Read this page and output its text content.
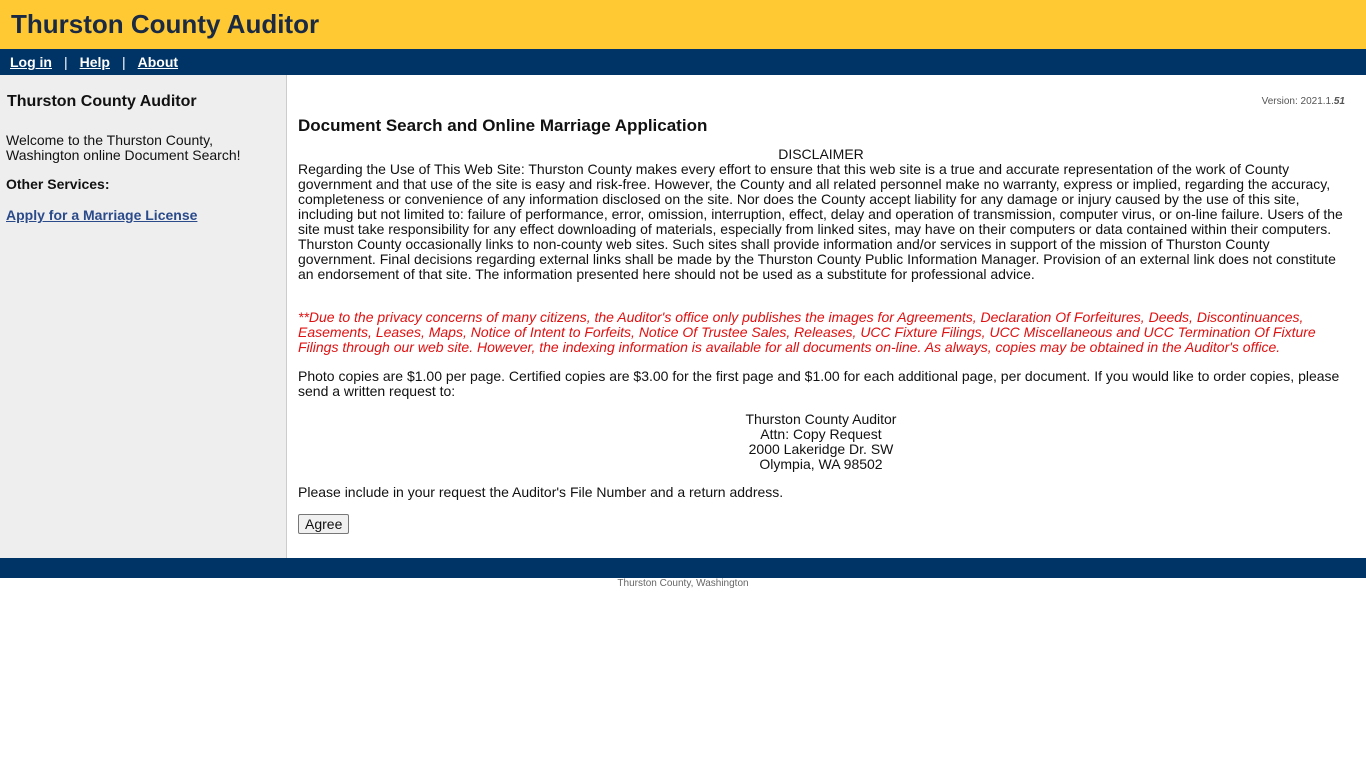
Thurston County Auditor
Log in | Help | About
Thurston County Auditor
Welcome to the Thurston County, Washington online Document Search!
Other Services:
Apply for a Marriage License
Version: 2021.1.51
Document Search and Online Marriage Application
DISCLAIMER

Regarding the Use of This Web Site: Thurston County makes every effort to ensure that this web site is a true and accurate representation of the work of County government and that use of the site is easy and risk-free. However, the County and all related personnel make no warranty, express or implied, regarding the accuracy, completeness or convenience of any information disclosed on the site. Nor does the County accept liability for any damage or injury caused by the use of this site, including but not limited to: failure of performance, error, omission, interruption, effect, delay and operation of transmission, computer virus, or on-line failure. Users of the site must take responsibility for any effect downloading of materials, especially from linked sites, may have on their computers or data contained within their computers. Thurston County occasionally links to non-county web sites. Such sites shall provide information and/or services in support of the mission of Thurston County government. Final decisions regarding external links shall be made by the Thurston County Public Information Manager. Provision of an external link does not constitute an endorsement of that site. The information presented here should not be used as a substitute for professional advice.

**Due to the privacy concerns of many citizens, the Auditor's office only publishes the images for Agreements, Declaration Of Forfeitures, Deeds, Discontinuances, Easements, Leases, Maps, Notice of Intent to Forfeits, Notice Of Trustee Sales, Releases, UCC Fixture Filings, UCC Miscellaneous and UCC Termination Of Fixture Filings through our web site. However, the indexing information is available for all documents on-line. As always, copies may be obtained in the Auditor's office.

Photo copies are $1.00 per page. Certified copies are $3.00 for the first page and $1.00 for each additional page, per document. If you would like to order copies, please send a written request to:

Thurston County Auditor
Attn: Copy Request
2000 Lakeridge Dr. SW
Olympia, WA 98502
Please include in your request the Auditor's File Number and a return address.
Agree
Thurston County, Washington
